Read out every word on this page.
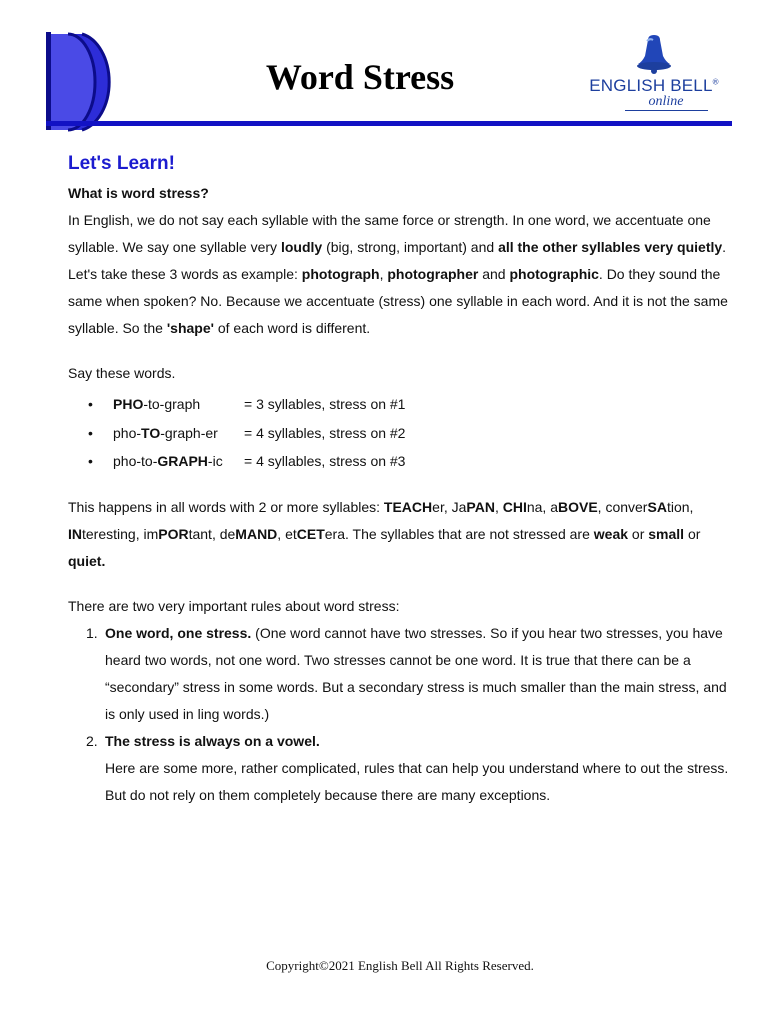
Word Stress	ENGLISH BELL®
online
Let's Learn!

What is word stress?

In English, we do not say each syllable with the same force or strength. In one word, we accentuate one syllable. We say one syllable very loudly (big, strong, important) and all the other syllables very quietly.

Let's take these 3 words as example: photograph, photographer and photographic. Do they sound the same when spoken? No. Because we accentuate (stress) one syllable in each word. And it is not the same syllable. So the 'shape' of each word is different.

Say these words.

• PHO-to-graph	= 3 syllables, stress on #1
• pho-TO-graph-er = 4 syllables, stress on #2
• pho-to-GRAPH-ic = 4 syllables, stress on #3

This happens in all words with 2 or more syllables: TEACHer, JaPAN, CHIna, aBOVE, converSAtion, INteresting, imPORtant, deMAND, etCETera. The syllables that are not stressed are weak or small or quiet.

There are two very important rules about word stress:

1. One word, one stress. (One word cannot have two stresses. So if you hear two stresses, you have heard two words, not one word. Two stresses cannot be one word. It is true that there can be a “secondary” stress in some words. But a secondary stress is much smaller than the main stress, and is only used in ling words.)
2. The stress is always on a vowel.
Here are some more, rather complicated, rules that can help you understand where to out the stress. But do not rely on them completely because there are many exceptions.
Copyright©2021 English Bell All Rights Reserved.
